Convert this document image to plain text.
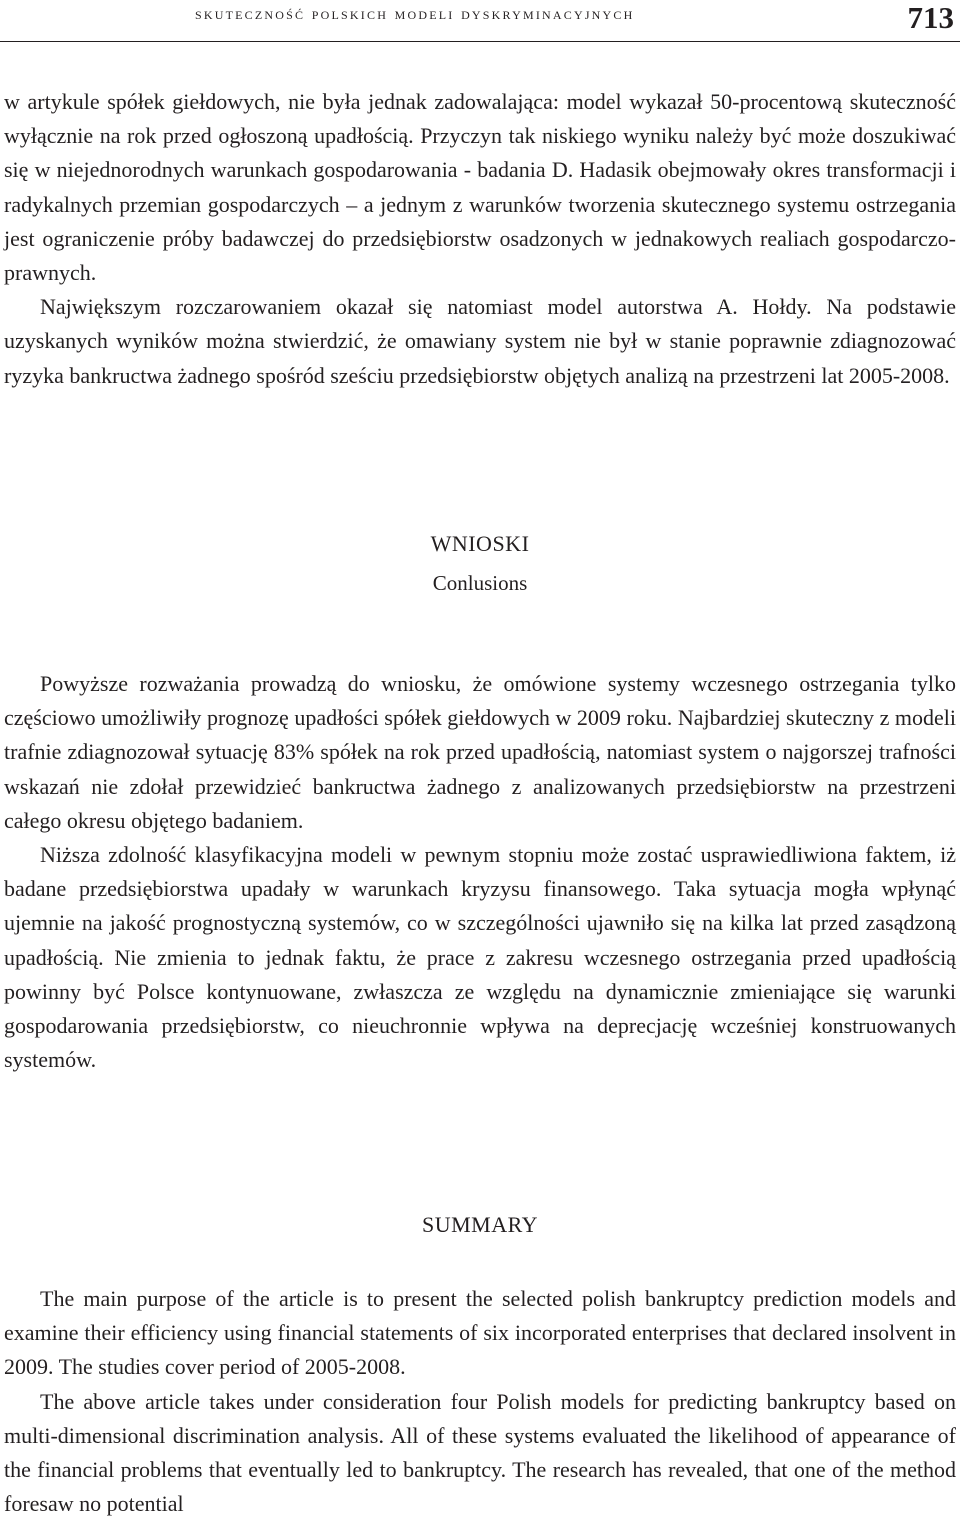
skuteczność polskich modeli dyskryminacyjnych	713

w artykule spółek giełdowych, nie była jednak zadowalająca: model wykazał 50-procentową skuteczność wyłącznie na rok przed ogłoszoną upadłością. Przyczyn tak niskiego wyniku należy być może doszukiwać się w niejednorodnych warunkach gospodarowania - badania D. Hadasik obejmowały okres transformacji i radykalnych przemian gospodarczych – a jednym z warunków tworzenia skutecznego systemu ostrzegania jest ograniczenie próby badawczej do przedsiębiorstw osadzonych w jednakowych realiach gospodarczo-prawnych.

Największym rozczarowaniem okazał się natomiast model autorstwa A. Hołdy. Na podstawie uzyskanych wyników można stwierdzić, że omawiany system nie był w stanie poprawnie zdiagnozować ryzyka bankructwa żadnego spośród sześciu przedsiębiorstw objętych analizą na przestrzeni lat 2005-2008.

WNIOSKI
Conlusions

Powyższe rozważania prowadzą do wniosku, że omówione systemy wczesnego ostrzegania tylko częściowo umożliwiły prognozę upadłości spółek giełdowych w 2009 roku. Najbardziej skuteczny z modeli trafnie zdiagnozował sytuację 83% spółek na rok przed upadłością, natomiast system o najgorszej trafności wskazań nie zdołał przewidzieć bankructwa żadnego z analizowanych przedsiębiorstw na przestrzeni całego okresu objętego badaniem.

Niższa zdolność klasyfikacyjna modeli w pewnym stopniu może zostać usprawiedliwiona faktem, iż badane przedsiębiorstwa upadały w warunkach kryzysu finansowego. Taka sytuacja mogła wpłynąć ujemnie na jakość prognostyczną systemów, co w szczególności ujawniło się na kilka lat przed zasądzoną upadłością. Nie zmienia to jednak faktu, że prace z zakresu wczesnego ostrzegania przed upadłością powinny być Polsce kontynuowane, zwłaszcza ze względu na dynamicznie zmieniające się warunki gospodarowania przedsiębiorstw, co nieuchronnie wpływa na deprecjację wcześniej konstruowanych systemów.

SUMMARY

The main purpose of the article is to present the selected polish bankruptcy prediction models and examine their efficiency using financial statements of six incorporated enterprises that declared insolvent in 2009. The studies cover period of 2005-2008.

The above article takes under consideration four Polish models for predicting bankruptcy based on multi-dimensional discrimination analysis. All of these systems evaluated the likelihood of appearance of the financial problems that eventually led to bankruptcy. The research has revealed, that one of the method foresaw no potential
